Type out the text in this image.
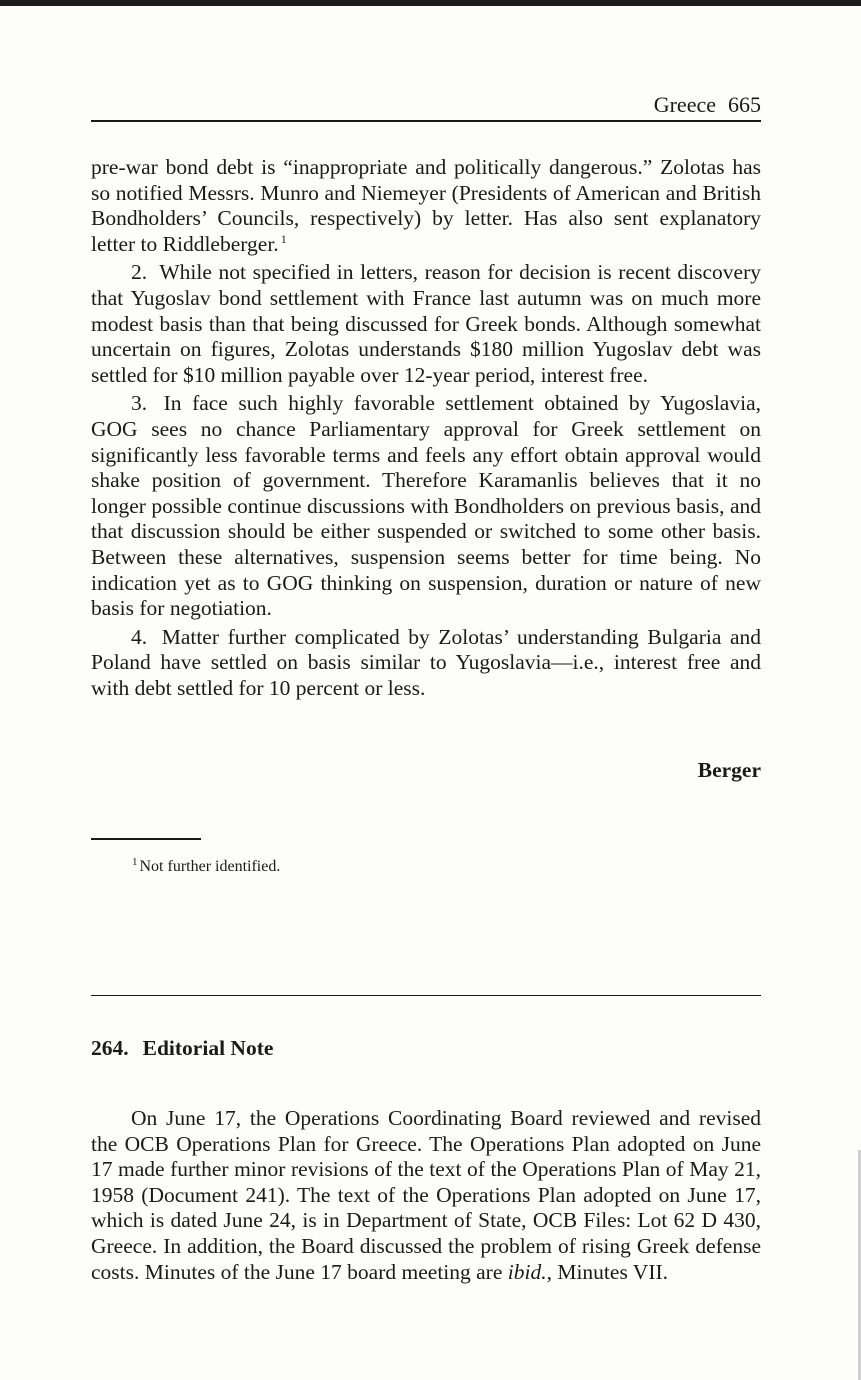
Greece 665

pre-war bond debt is “inappropriate and politically dangerous.” Zolotas has so notified Messrs. Munro and Niemeyer (Presidents of American and British Bondholders’ Councils, respectively) by letter. Has also sent explanatory letter to Riddleberger. $^1$

2. While not specified in letters, reason for decision is recent discovery that Yugoslav bond settlement with France last autumn was on much more modest basis than that being discussed for Greek bonds. Although somewhat uncertain on figures, Zolotas understands $180 million Yugoslav debt was settled for $10 million payable over 12-year period, interest free.

3. In face such highly favorable settlement obtained by Yugoslavia, GOG sees no chance Parliamentary approval for Greek settlement on significantly less favorable terms and feels any effort obtain approval would shake position of government. Therefore Karamanlis believes that it no longer possible continue discussions with Bondholders on previous basis, and that discussion should be either suspended or switched to some other basis. Between these alternatives, suspension seems better for time being. No indication yet as to GOG thinking on suspension, duration or nature of new basis for negotiation.

4. Matter further complicated by Zolotas’ understanding Bulgaria and Poland have settled on basis similar to Yugoslavia—i.e., interest free and with debt settled for 10 percent or less.

Berger
$^1$ Not further identified.
264. Editorial Note

On June 17, the Operations Coordinating Board reviewed and revised the OCB Operations Plan for Greece. The Operations Plan adopted on June 17 made further minor revisions of the text of the Operations Plan of May 21, 1958 (Document 241). The text of the Operations Plan adopted on June 17, which is dated June 24, is in Department of State, OCB Files: Lot 62 D 430, Greece. In addition, the Board discussed the problem of rising Greek defense costs. Minutes of the June 17 board meeting are ibid., Minutes VII.
